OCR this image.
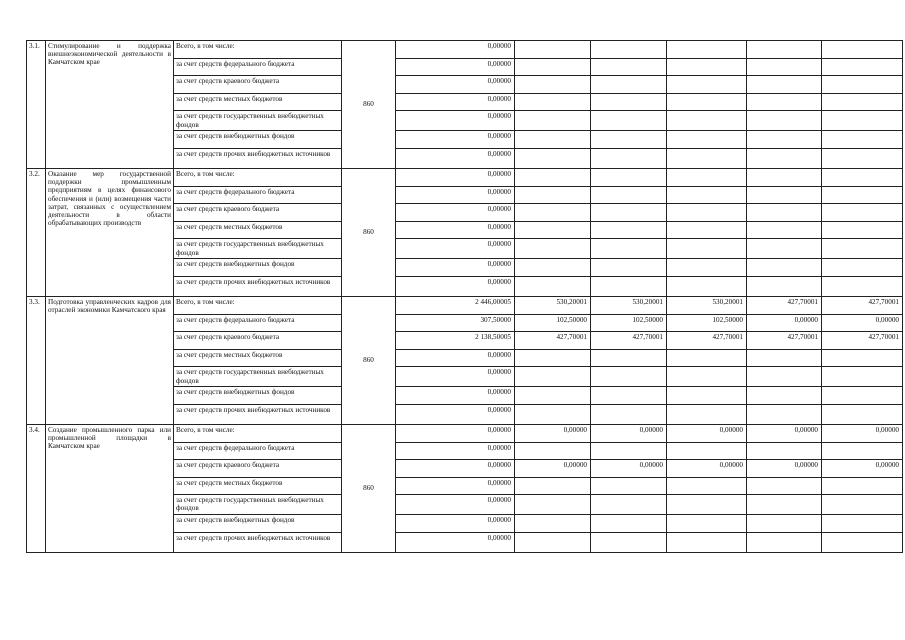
3.1.	Стимулирование и поддержка внешнеэкономической деятельности в Камчатском крае	Всего, в том числе:	860	0,00000					
		за счет средств федерального бюджета		0,00000					
		за счет средств краевого бюджета		0,00000					
		за счет средств местных бюджетов		0,00000					
		за счет средств государственных внебюджетных фондов		0,00000					
		за счет средств внебюджетных фондов		0,00000					
		за счет средств прочих внебюджетных источников		0,00000					
3.2.	Оказание мер государственной поддержки промышленным предприятиям в целях финансового обеспечения и (или) возмещения части затрат, связанных с осуществлением деятельности в области обрабатывающих производств	Всего, в том числе:	860	0,00000					
		за счет средств федерального бюджета		0,00000					
		за счет средств краевого бюджета		0,00000					
		за счет средств местных бюджетов		0,00000					
		за счет средств государственных внебюджетных фондов		0,00000					
		за счет средств внебюджетных фондов		0,00000					
		за счет средств прочих внебюджетных источников		0,00000					
3.3.	Подготовка управленческих кадров для отраслей экономики Камчатского края	Всего, в том числе:	860	2 446,00005	530,20001	530,20001	530,20001	427,70001	427,70001
		за счет средств федерального бюджета		307,50000	102,50000	102,50000	102,50000	0,00000	0,00000
		за счет средств краевого бюджета		2 138,50005	427,70001	427,70001	427,70001	427,70001	427,70001
		за счет средств местных бюджетов		0,00000					
		за счет средств государственных внебюджетных фондов		0,00000					
		за счет средств внебюджетных фондов		0,00000					
		за счет средств прочих внебюджетных источников		0,00000					
3.4.	Создание промышленного парка или промышленной площадки в Камчатском крае	Всего, в том числе:	860	0,00000	0,00000	0,00000	0,00000	0,00000	0,00000
		за счет средств федерального бюджета		0,00000					
		за счет средств краевого бюджета		0,00000	0,00000	0,00000	0,00000	0,00000	0,00000
		за счет средств местных бюджетов		0,00000					
		за счет средств государственных внебюджетных фондов		0,00000					
		за счет средств внебюджетных фондов		0,00000					
		за счет средств прочих внебюджетных источников		0,00000					
